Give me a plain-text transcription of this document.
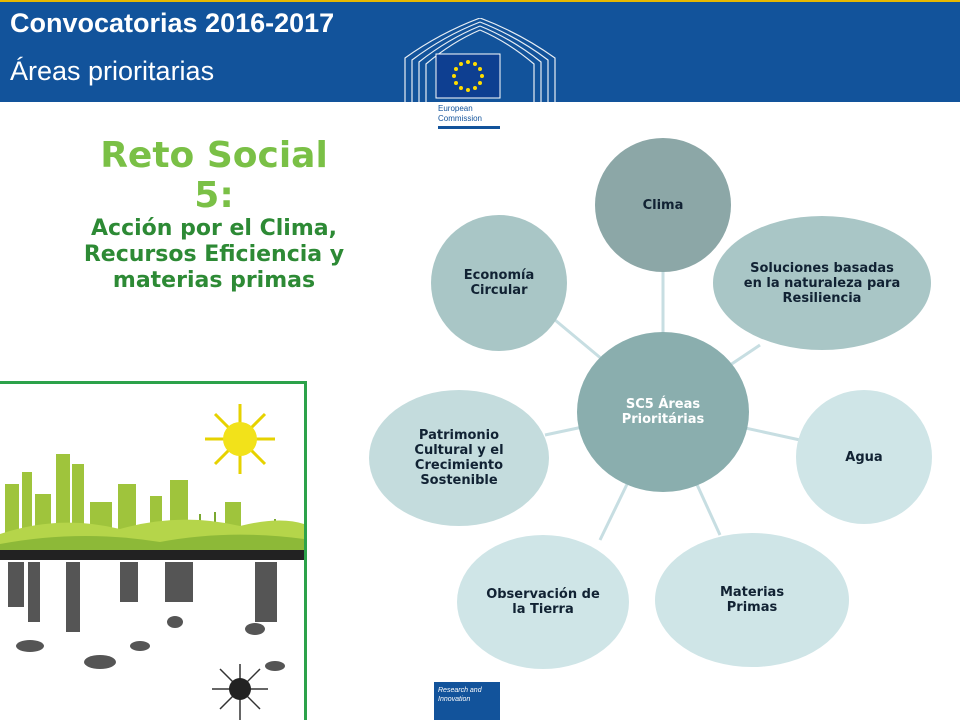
Convocatorias 2016-2017
Áreas prioritarias
European
Commission
Reto Social
5:
Acción por el Clima, Recursos Eficiencia y materias primas
SC5 Áreas Prioritárias
Clima
Soluciones basadas en la naturaleza para Resiliencia
Agua
Materias Primas
Observación de la Tierra
Patrimonio Cultural y el Crecimiento Sostenible
Economía Circular
Research and Innovation
